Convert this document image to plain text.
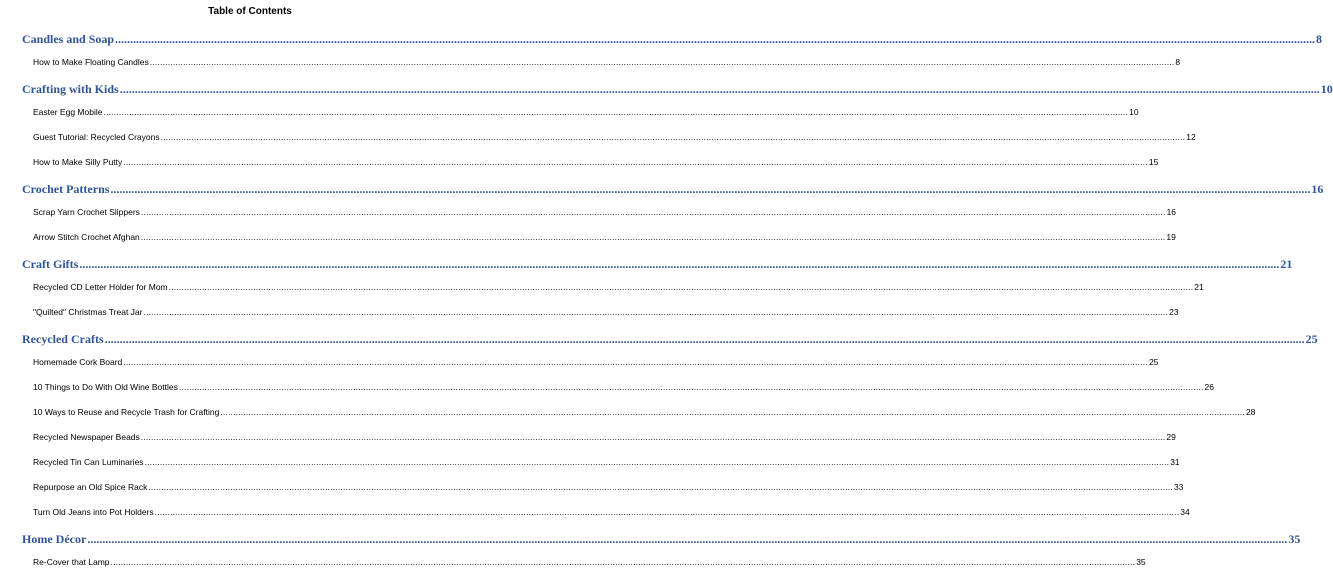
Table of Contents
Candles and Soap ................................................................................................................................................................................................................................................................................................................................................................................................................ 8
How to Make Floating Candles ................................................................................................................................................................................................................................................................................................................................................................................................................ 8
Crafting with Kids ................................................................................................................................................................................................................................................................................................................................................................................................................ 10
Easter Egg Mobile ................................................................................................................................................................................................................................................................................................................................................................................................................ 10
Guest Tutorial: Recycled Crayons ................................................................................................................................................................................................................................................................................................................................................................................................................ 12
How to Make Silly Putty ................................................................................................................................................................................................................................................................................................................................................................................................................ 15
Crochet Patterns ................................................................................................................................................................................................................................................................................................................................................................................................................ 16
Scrap Yarn Crochet Slippers ................................................................................................................................................................................................................................................................................................................................................................................................................ 16
Arrow Stitch Crochet Afghan ................................................................................................................................................................................................................................................................................................................................................................................................................ 19
Craft Gifts ................................................................................................................................................................................................................................................................................................................................................................................................................ 21
Recycled CD Letter Holder for Mom ................................................................................................................................................................................................................................................................................................................................................................................................................ 21
"Quilted" Christmas Treat Jar ................................................................................................................................................................................................................................................................................................................................................................................................................ 23
Recycled Crafts ................................................................................................................................................................................................................................................................................................................................................................................................................ 25
Homemade Cork Board ................................................................................................................................................................................................................................................................................................................................................................................................................ 25
10 Things to Do With Old Wine Bottles ................................................................................................................................................................................................................................................................................................................................................................................................................ 26
10 Ways to Reuse and Recycle Trash for Crafting ................................................................................................................................................................................................................................................................................................................................................................................................................ 28
Recycled Newspaper Beads ................................................................................................................................................................................................................................................................................................................................................................................................................ 29
Recycled Tin Can Luminaries ................................................................................................................................................................................................................................................................................................................................................................................................................ 31
Repurpose an Old Spice Rack ................................................................................................................................................................................................................................................................................................................................................................................................................ 33
Turn Old Jeans into Pot Holders ................................................................................................................................................................................................................................................................................................................................................................................................................ 34
Home Décor ................................................................................................................................................................................................................................................................................................................................................................................................................ 35
Re-Cover that Lamp ................................................................................................................................................................................................................................................................................................................................................................................................................ 35
